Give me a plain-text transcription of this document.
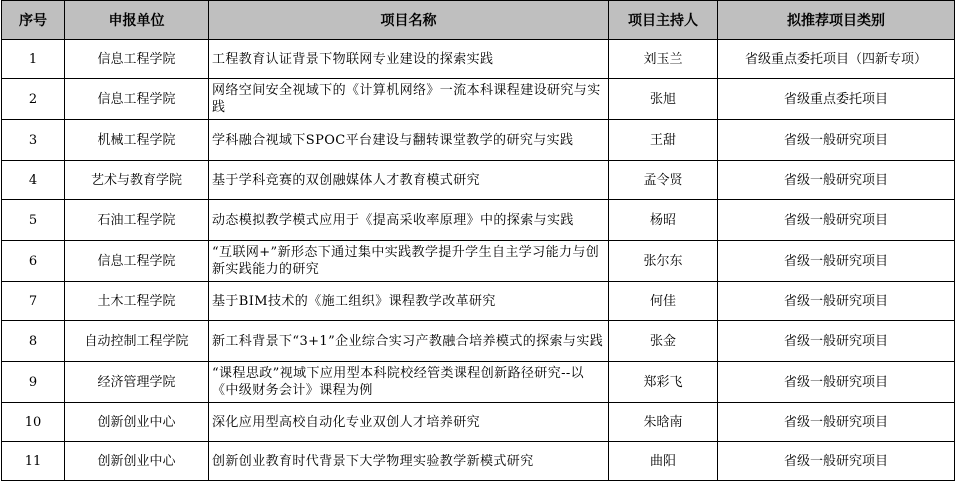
序号	申报单位	项目名称	项目主持人	拟推荐项目类别
1	信息工程学院	工程教育认证背景下物联网专业建设的探索实践	刘玉兰	省级重点委托项目（四新专项）
2	信息工程学院	网络空间安全视域下的《计算机网络》一流本科课程建设研究与实践	张旭	省级重点委托项目
3	机械工程学院	学科融合视域下SPOC平台建设与翻转课堂教学的研究与实践	王甜	省级一般研究项目
4	艺术与教育学院	基于学科竞赛的双创融媒体人才教育模式研究	孟令贤	省级一般研究项目
5	石油工程学院	动态模拟教学模式应用于《提高采收率原理》中的探索与实践	杨昭	省级一般研究项目
6	信息工程学院	“互联网+”新形态下通过集中实践教学提升学生自主学习能力与创新实践能力的研究	张尔东	省级一般研究项目
7	土木工程学院	基于BIM技术的《施工组织》课程教学改革研究	何佳	省级一般研究项目
8	自动控制工程学院	新工科背景下“3+1”企业综合实习产教融合培养模式的探索与实践	张金	省级一般研究项目
9	经济管理学院	“课程思政”视域下应用型本科院校经管类课程创新路径研究--以《中级财务会计》课程为例	郑彩飞	省级一般研究项目
10	创新创业中心	深化应用型高校自动化专业双创人才培养研究	朱晗南	省级一般研究项目
11	创新创业中心	创新创业教育时代背景下大学物理实验教学新模式研究	曲阳	省级一般研究项目
